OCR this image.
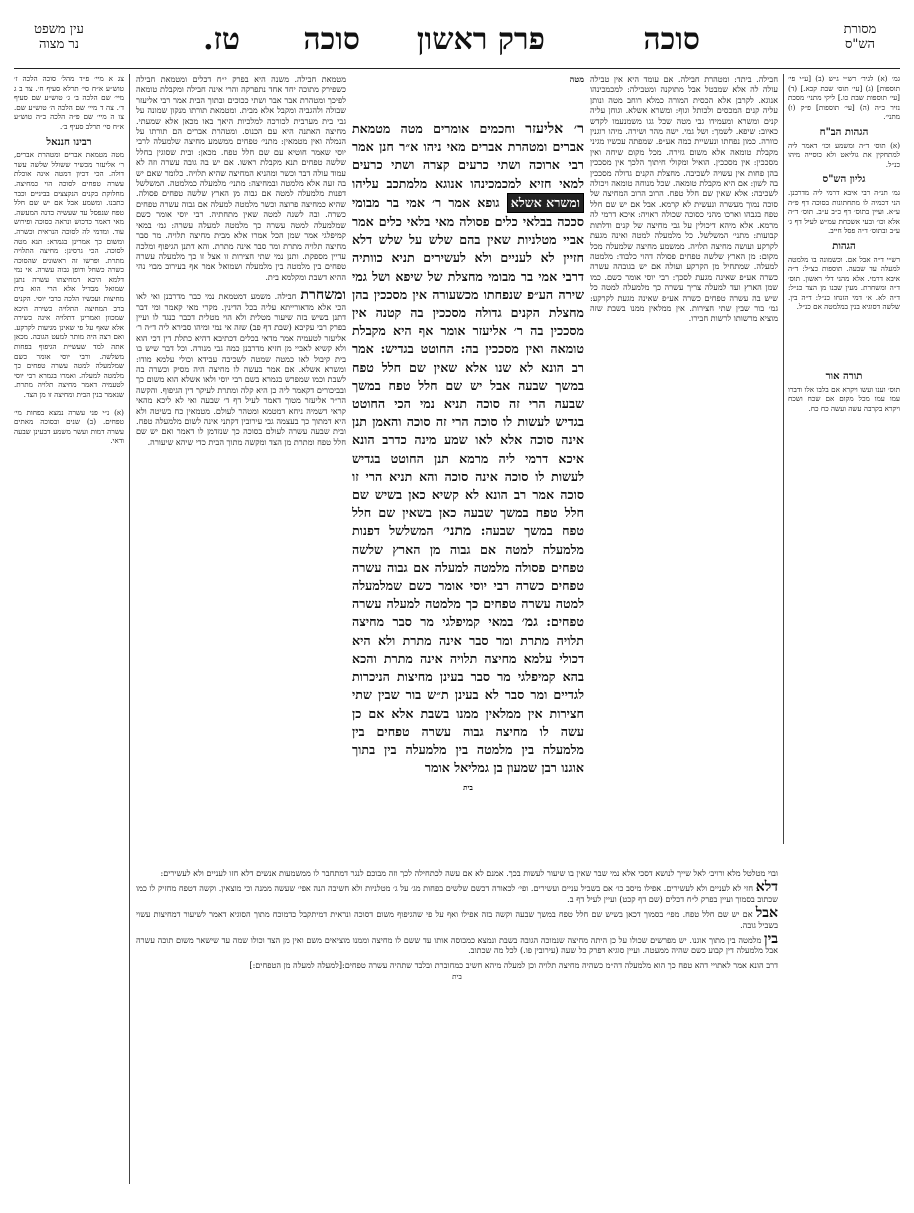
מסורת
הש"ס
סוכה
פרק ראשון
סוכה
טז.
עין משפט
נר מצוה
גמ׳ (א) לגיר׳ רש״י ג״ש (ב) [ע״י פי׳ תוספות] (ג) [עי׳ תוס׳ שבת קכא.] (ד) [עי׳ תוספות שבת כו.] ליקי מתני׳ מסכת נזיר כ״ה (ה) [עי׳ תוספות] פ״ק (ו) מתני׳.
הגהות הב"ח
(א) תוס׳ ד״ה ומשמע וכו׳ דאמר ליה למתחקין את גוליאט ולא כוסייה מיהו כנ״ל.
גליון הש"ס
גמ׳ תנ״ה רבי איבא דרמי ליה מדרבנן. הני דכמיה לו מתחתונות בסוכה דף פ״ה ע״א. ועיין בתוס׳ דף כ״ב ע״ב. תוס׳ ד״ה אלא וכו׳ ובעי אשכחת עמ״ש לעיל דף ג׳ ע״ב ובתוס׳ ד״ה פסל חייב.
הגהות
רש״י ד״ה אבל אם. וכשמונה בו מלמטה למעלה עד שבעה. תוספות כצ״ל: ד״ה איבא דרמי. אלא מהני דלי ראשון. תוס׳ ד״ה ומשחרת. מעין שבנו מן הצד כנ״ל: ד״ה לא. א׳ דמי הזנחו כנ״ל: ד״ה בין. שלשה דסוגיא בנין במלמטה אם כנ״ל.
תורה אור
תוס׳ וענו ועשו ויקרא אם בלבו אלו ודברו עמו עמו מכל מקום אם שכח ושכח ויקרא בקרבה עשה ועשה כח כח.
חבילה. ביתד: ומטהרת חבילה. אם עומד היא אין טבילה עולה לה אלא שמבטל אבל מתוקנה ומטבילה: למכמכינהו אנוגא. לקרבן אלא הכסית המורה כמלא רוחב מטה ונותן עליה קנים המכסים ולכותל וגוף: ומשרא אשלא. וגוחן עליה קנים ומשרא ומעמידו גבי מטה שכל גגו משמנעמו לקדש כאיוב: שיפא. לשמך: ושל גמי. ישה מהר ושירה. מיהו רוגנין כוורה. כמון נפחתו ונעשיית כמה אע״פ. שמפתה עכשיו מגיני מקבלת טומאה אלא משום גזירה. מכל מקום שיחה ואין מסככין: אין מסככין. הואיל ומקולי חיתוך הלכך אין מסככין בהן פחות אין עשויה לשכיבה. מחצלת הקנים גדולה מסככין בה לשון: אם היא מקבלת טומאה. שכל מנוחה טומאה ויכולה לשכיבה: אלא שאין שם חלל טפח. הרוב הרוב המחיצה של סוכה נמוך מעשרה ונעשית לא קרמא. אבל אם יש שם חלל טפח בגבהו וארכו מהני כסוכה שכולה ראויה: איכא דרמי לה מרמא. אלא מיהא דיכולין על גבי מחיצה של קנים ודלתות קבועות: מתני׳ המשלשל. כל מלמעלה למטה ואינה מגעת לקרקע ועושה מחיצה תלויה. ממשמע מחיצה שלמעלה מכל מקום: מן הארץ שלשה טפחים פסולה דהוי כלבוד: מלמטה למעלה. שמתחיל מן הקרקע ועולה אם יש בגובהה עשרה כשרה אע״פ שאינה מגעת לסכך: רבי יוסי אומר כשם. כמו שמן הארץ ועד למעלה צריך עשרה כך מלמעלה למטה כל שיש בה עשרה טפחים כשרה אע״פ שאינה מגעת לקרקע: גמ׳ בור שבין שתי חצירות. אין ממלאין ממנו בשבת שזה מוציא מרשותו לרשות חבירו.
ר׳ אליעזר וחכמים אומרים מטה מטמאת אברים ומטהרת אברים מאי ניהו א״ר חנן אמר רבי ארוכה ושתי כרעים קצרה ושתי כרעים למאי חזיא למכמכינהו אנוגא מלמתכב עליהו ומשרא אשלא גופא אמר ר׳ אמי בר מבומי סככה בבלאי כלים פסולה מאי בלאי כלים אמר אביי מטלניות שאין בהם שלש על שלש דלא חזיין לא לעניים ולא לעשירים תניא כוותיה דרבי אמי בר מבומי מחצלת של שיפא ושל גמי שירה הע״פ שנפחתו מכשעורה אין מסככין בהן מחצלת הקנים גדולה מסככין בה קטנה אין מסככין בה ר׳ אליעזר אומר אף היא מקבלת טומאה ואין מסככין בה: החוטט בגדיש: אמר רב הונא לא שנו אלא שאין שם חלל טפח במשך שבעה אבל יש שם חלל טפח במשך שבעה הרי זה סוכה תניא נמי הכי החוטט בגדיש לעשות לו סוכה הרי זה סוכה והאמן תנן אינה סוכה אלא לאו שמע מינה כדרב הונא איכא דרמי ליה מרמא תנן החוטט בגדיש לעשות לו סוכה אינה סוכה והא תניא הרי זו סוכה אמר רב הונא לא קשיא כאן בשיש שם חלל טפח במשך שבעה כאן בשאין שם חלל טפח במשך שבעה: מתני׳ המשלשל דפנות מלמעלה למטה אם גבוה מן הארץ שלשה טפחים פסולה מלמטה למעלה אם גבוה עשרה טפחים כשרה רבי יוסי אומר כשם שמלמעלה למטה עשרה טפחים כך מלמטה למעלה עשרה טפחים: גמ׳ במאי קמיפלגי מר סבר מחיצה תלויה מתרת ומר סבר אינה מתרת ולא היא דכולי עלמא מחיצה תלויה אינה מתרת והכא בהא קמיפלגי מר סבר בעינן מחיצות הניכרות לגדיים ומר סבר לא בעינן ת״ש בור שבין שתי חצירות אין ממלאין ממנו בשבת אלא אם כן עשה לו מחיצה גבוה עשרה טפחים בין מלמעלה בין מלמטה בין מלמעלה בין בתוך אוגנו רבן שמעון בן גמליאל אומר
בית
מטה
מטמאת חבילה. משנה היא בפרק י״ח דכלים ומטמאת חבילה כשפירק מתוכה יחד אחד נתפרקה והרי אינה חבילה ומקבלת טומאה לפיכך ומטהרת אבר אבר ושתי ככוכים ובתוך הבית אמר רבי אליעזר שבולה ולהגביה ומקבל אלא מבית. ומטמאת תורתו מנקון שמונה על גבי בית מערבית לכורכה למלכיות היאך באו מכאן אלא שמעתי. מחיצה האתנה היא עם הכנוס. ומטהרת אברים הם תורתו על הנמלה ואין מטמאין: מתני׳ טפחים ממשמע מחיצה שלמעלה לרבי יוסי שאמר חוטיא עם שם חלל טפח. מכאן: ובית שסוגין בחלל שלשה טפחים תנא מקבלת ראשו. אם יש בה גובה עשרה וזה לא עמוד עולה דבר וכשר ומהניא המחיצה שהיא תלויה. כלומר שאם יש בה זעה אלא מלמטה ובמחיצה: מתני׳ מלמעלה כמלמטה. המשלשל דפנות מלמעלה למטה אם גבוה מן הארץ שלשה טפחים פסולה. שהיא כמחיצה פרוצה וכשר מלמטה למעלה אם גבוה עשרה טפחים כשרה. ובה לשנה למטה שאין מתחתיה. רבי יוסי אומר כשם שמלמעלה למטה עשרה כך מלמטה למעלה עשרה: גמ׳ במאי קמיפלגי אמר שמן הכל אמרו אלא מבית מחיצה תלויה. מר סבר מחיצה תלויה מתרת ומר סבר אינה מתרת. והא דתנן הגיפוף ומלכה עדיין מספקת. ותנן נמי שתי חצירות זו אצל זו כך מלמעלה עשרה טפחים בין מלמטה בין מלמעלה ושמואל אמר אף בעירוב מבוי נהי ההיא דשבת ומקלמא בית.
ומשחרת חבילה. משמע דמטמאת נמי כבר מדרבנן ואי לאו הכי אלא מדאורייתא עליה בכל הדינין. מקרי מאי קאמר ומי דבר דתנן בשיש בזה שיעור מטלית ולא הוי מטלית דכבר כנגד לו ועיין בפרק רבי עקיבא (שבת דף פב) שזה אי נמי ומיהו סבירא ליה ד״ה ר׳ אליעזר לטעמיה אמר מדאי בכלים דכתיבא דהיא כתלת דין דכי הוא ולא קשיא לאביי מן חזיא מדרבנן כמה גבי מנורה. וכל דבר שיש בו בית קיבול לאו כמטה שמטה לשכיבה עבידא וכולי עלמא מודו: ומשרא אשלא. אם אמר בעשה לו מחיצה היה מסיק וכשרה בה לשבת וכמו שמפרש בגמרא בשם רבי יוסי ולאו אשלא הוא משום כך ובביכורים דקאמר ליה כן היא קלה ומתרת לעיקר דין הגיפוף. והקשה הר״ר אליעזר מטוך דאמר לעיל דף ד׳ שבעה ואי לא ליכא מהאי קראי דשמיה ניחא דמטמא ומטהר לעולם. מטמאין כח בשיטה ולא היא דמתוך כך בעצמה גבי עירובין דקתני אינה לשום מלמעלה טפח. ובית שבעה עשרה לעולם בסוכה כך שנזדמן לו דאמר ואם יש שם חלל טפח ומתרת מן הצד ומקשה מתוך הבית כדי שיהא שיעורה.
צג א מיי׳ פ״ד מהל׳ סוכה הלכה ז׳ טוש״ע א״ח סי׳ תרלא סעיף ח׳. צד ב ג מיי׳ שם הלכה ב׳ ג׳ טוש״ע שם סעיף ד׳. צה ד מיי׳ שם הלכה ה׳ טוש״ע שם. צו ה מיי׳ שם פ״ה הלכה כ״ה טוש״ע א״ח סי׳ תרלב סעיף ב׳.
רבינו חננאל
מטה מטמאת אברים ומטהרת אברים, ר׳ אליעזר מכשיר ששולל שלשה עשר דולה. הכי דכיון דמטה אינה אוכלת עשרה טפחים לסוכה הוי כמחיצה. מחלוקת בקנים הנקצצים בביניים וכבר כתבנו. ומשמע אבל אם יש שם חלל טפח שנפסל עד שעשיה כדנה המעשה. מאי דאמר כדכוש ונראה כסוכה ופירוש עוד. ומדמי לה לסוכה הנראית וכשרה. ומשום כך אמרינן בגמרא: תנא מטה לסוכה. הכי גרסינן: מחיצה התלויה מתרת. ופרשו זה ראשונים שהסוכה כשרה כשחל ודופן גבוה עשרה. אי נמי דלמא היכא דמחיצתו עשרה נתנן שמואל מבדיל אלא הרי הוא בית מחיצות ועכשיו הלכה כרבי יוסי. הקנים ברב המחיצה התלויה כשירה היכא שמכוון ואמרינן דתלויה אינה כשירה אלא שאף על פי שאינן מגיעות לקרקע. ואם רצה היה מותר למעט הגובה. מכאן אתה למד שעשיית הגיפוף בפחות משלשה. ורבי יוסי אומר כשם שמלמעלה למטה עשרה טפחים כך מלמטה למעלה. ואמרו בגמרא רבי יוסי לטעמיה דאמר מחיצה תלויה מתרת. שנאמר בנין הבית ומחיצה זו מן הצד.
(א) נ״י פני עשרה נמצא בפחות מי׳ טפחים. (ב) שנים ובסוכה מאתים עשרה דמות ועשר משמע דבעינן שבעה ודאי.
ובוי מטלטל מלא ורויב׳ לאל שייך לנושא דסכי אלא נמי שבר שאין בו שיעור לעשות בכך. אמנם לא אם עשה לכתחילה לכך וזה מבוכם לנגר דמתחבר לו ממשמעות אנשים דלא חזו לעניים ולא לעשירים:
דלא חזי לא לעניים ולא לעשירים. אפילו מיסב כו׳ אם בשביל עניים ועשירים. ופי׳ לכאורה דכשם שלשים בפחות מג׳ על ג׳ מטלניות ולא חשיבה הנה אפי׳ שעשה ממנה וכי מוצאין. וקשה דטפח מחזיק לו כמו שכתוב בסמוך ועיין בפרק ל״ח דכלים (שם דף קכט) ועיין לעיל דף ב.
אבל אם יש שם חלל טפח. מפי׳ בסמוך דכאן בשיש שם חלל טפח במשך שבעה וקשה בזה אפילו ואף על פי שהגיפוף משום דסוכה ונראית דמיתקבל כדמוכח מתוך הסוגיא דאמר לשיעור דמחיצות עשוי בשביל גובה.
בין מלמטה בין מתוך אוגנו. יש מפרשים שכולו על כן היתה מחיצה שנמוכה הגובה בשבת ונמצא כמכוסה אותו עד ששם לו מחיצה וממנו מוציאים משם ואין מן הצד וכולו שמה עד שישאר משום תוכה עשרה אבל מלמעלה דין קבוע כשם שהיה ממעטה. ועיין סוגיא דפרק כל שעה (עירובין פו.) לכל מה שכתוב.
דרב הונא אמר לאתויי דהא טפח כך הוא מלמעלה דה״מ כשהיה מחיצה תלויה וכן למעלה מיהא חשיב כמחוברת ובלבד שתהיה עשרה טפחים:[למעלה למעלה מן הטפחים:]
בית
